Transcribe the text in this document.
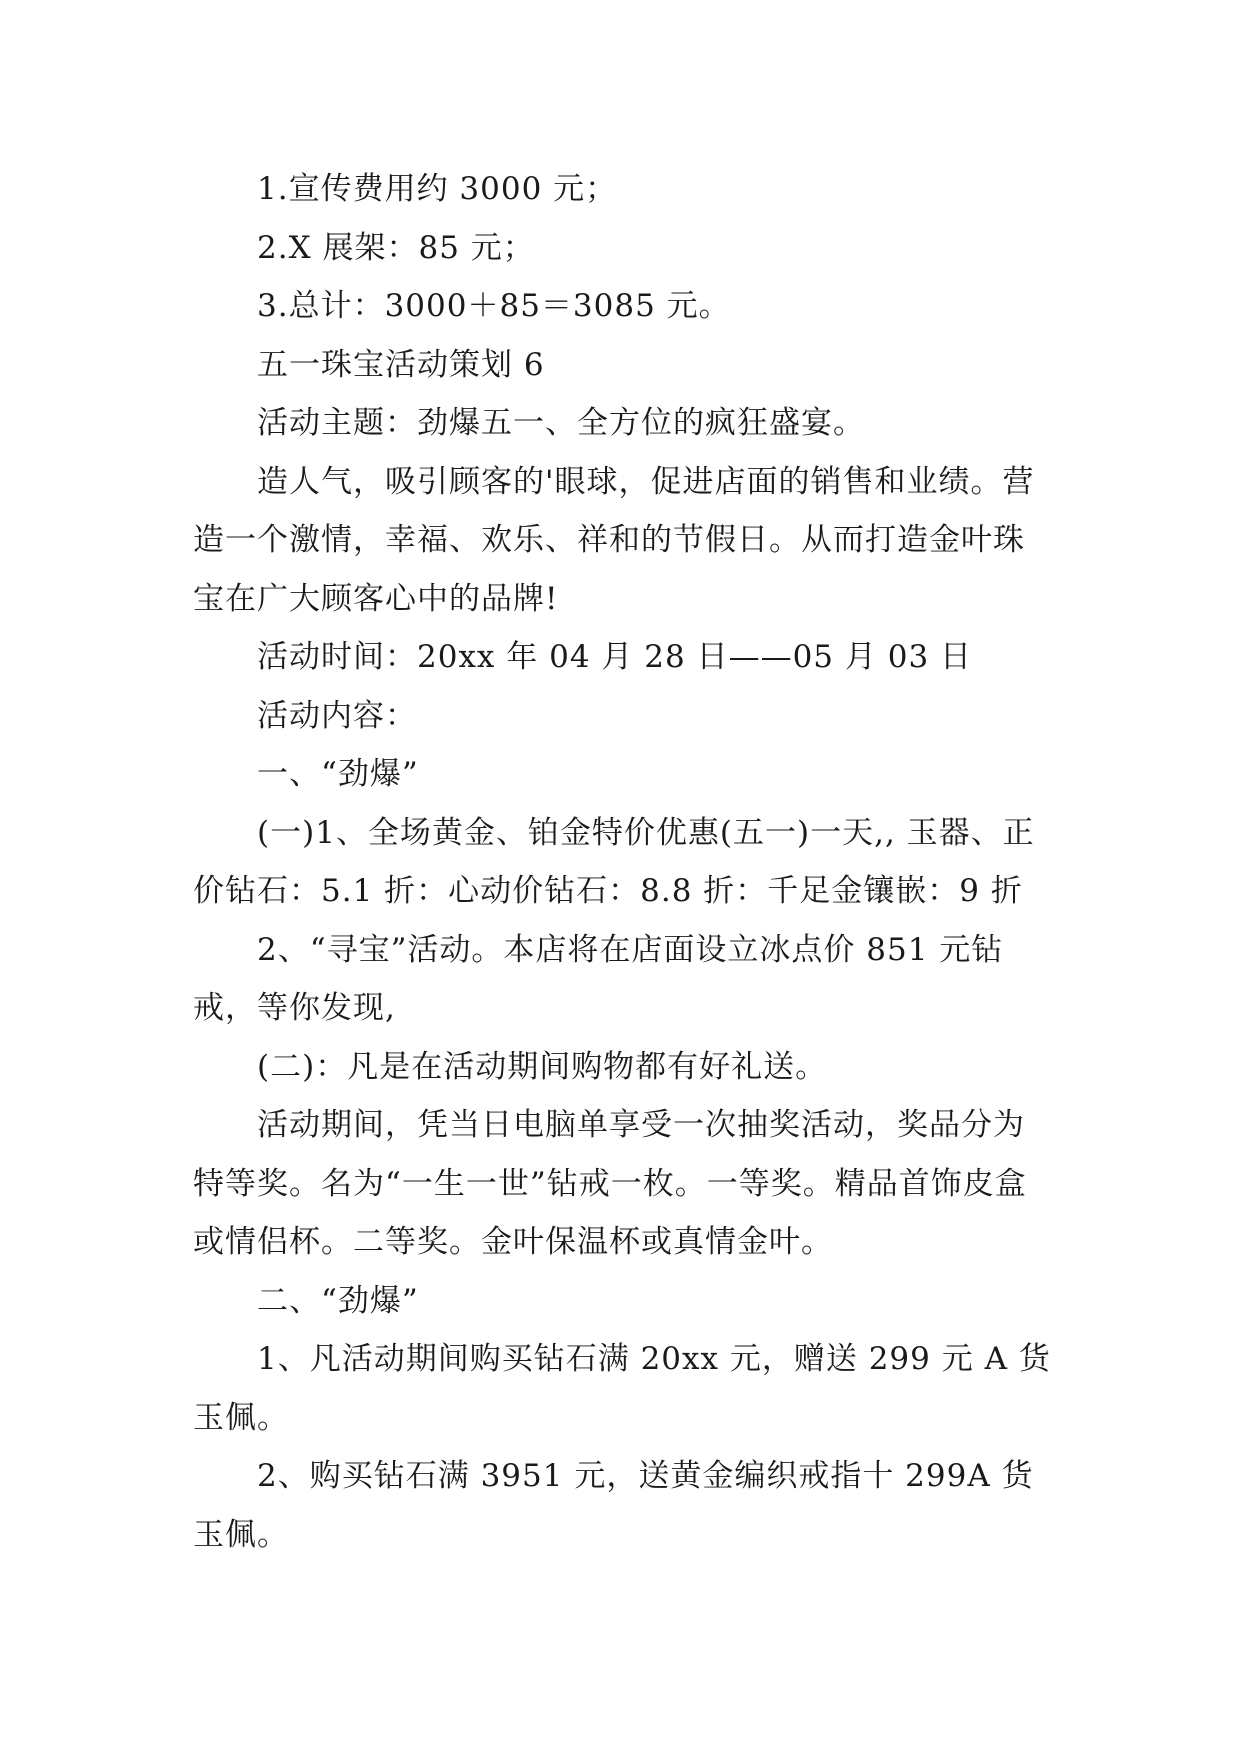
1.宣传费用约 3000 元；

2.X 展架：85 元；

3.总计：3000＋85＝3085 元。

五一珠宝活动策划 6

活动主题：劲爆五一、全方位的疯狂盛宴。

造人气，吸引顾客的'眼球，促进店面的销售和业绩。营造一个激情，幸福、欢乐、祥和的节假日。从而打造金叶珠宝在广大顾客心中的品牌!

活动时间：20xx 年 04 月 28 日——05 月 03 日

活动内容：

一、“劲爆”

(一)1、全场黄金、铂金特价优惠(五一)一天,, 玉器、正价钻石：5.1 折：心动价钻石：8.8 折：千足金镶嵌：9 折

2、“寻宝”活动。本店将在店面设立冰点价 851 元钻戒，等你发现,

(二)：凡是在活动期间购物都有好礼送。

活动期间，凭当日电脑单享受一次抽奖活动，奖品分为特等奖。名为“一生一世”钻戒一枚。一等奖。精品首饰皮盒或情侣杯。二等奖。金叶保温杯或真情金叶。

二、“劲爆”

1、凡活动期间购买钻石满 20xx 元，赠送 299 元 A 货玉佩。

2、购买钻石满 3951 元，送黄金编织戒指十 299A 货玉佩。
